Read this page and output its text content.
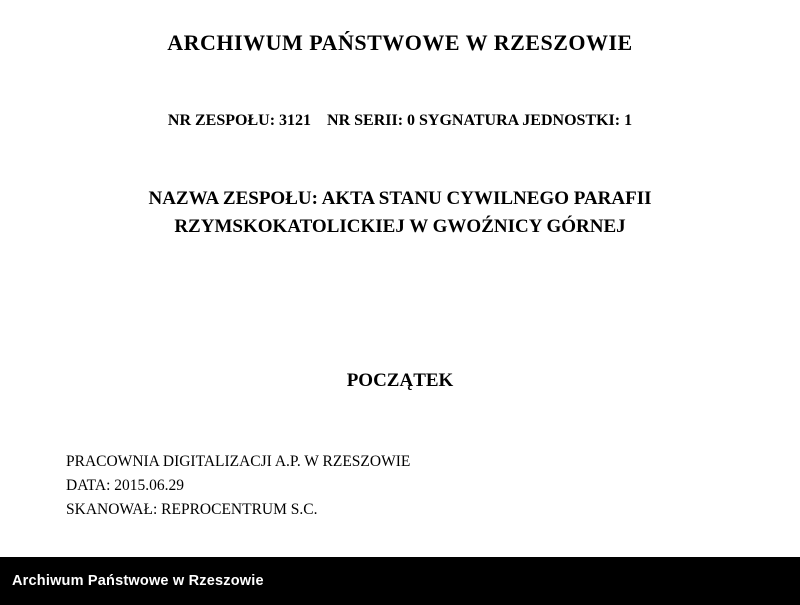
ARCHIWUM PAŃSTWOWE W RZESZOWIE
NR ZESPOŁU: 3121 NR SERII: 0 SYGNATURA JEDNOSTKI: 1
NAZWA ZESPOŁU: AKTA STANU CYWILNEGO PARAFII
RZYMSKOKATOLICKIEJ W GWOŹNICY GÓRNEJ
POCZĄTEK
PRACOWNIA DIGITALIZACJI A.P. W RZESZOWIE
DATA: 2015.06.29
SKANOWAŁ: REPROCENTRUM S.C.
Archiwum Państwowe w Rzeszowie
